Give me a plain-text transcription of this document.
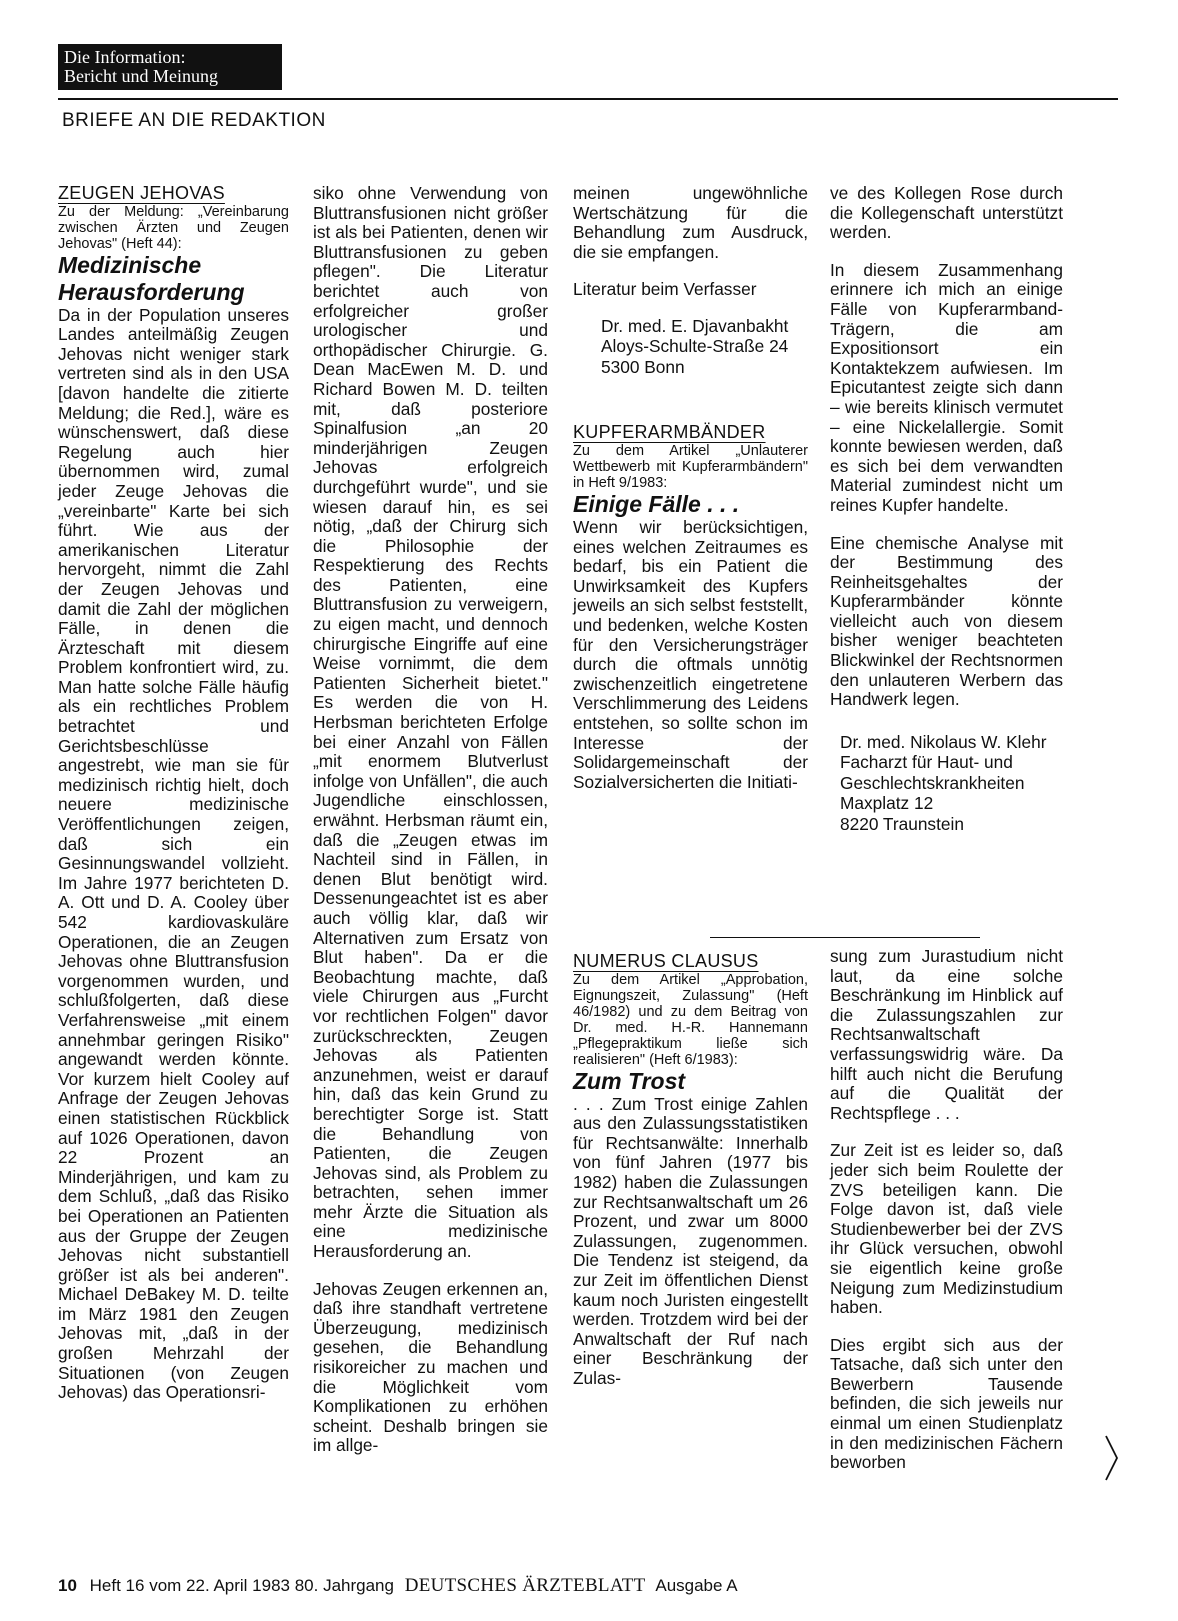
Die Information:
Bericht und Meinung
BRIEFE AN DIE REDAKTION

ZEUGEN JEHOVAS

Zu der Meldung: „Vereinbarung zwischen Ärzten und Zeugen Jehovas" (Heft 44):

Medizinische Herausforderung

Da in der Population unseres Landes anteilmäßig Zeugen Jehovas nicht weniger stark vertreten sind als in den USA [davon handelte die zitierte Meldung; die Red.], wäre es wünschenswert, daß diese Regelung auch hier übernommen wird, zumal jeder Zeuge Jehovas die „vereinbarte" Karte bei sich führt. Wie aus der amerikanischen Literatur hervorgeht, nimmt die Zahl der Zeugen Jehovas und damit die Zahl der möglichen Fälle, in denen die Ärzteschaft mit diesem Problem konfrontiert wird, zu. Man hatte solche Fälle häufig als ein rechtliches Problem betrachtet und Gerichtsbeschlüsse angestrebt, wie man sie für medizinisch richtig hielt, doch neuere medizinische Veröffentlichungen zeigen, daß sich ein Gesinnungswandel vollzieht. Im Jahre 1977 berichteten D. A. Ott und D. A. Cooley über 542 kardiovaskuläre Operationen, die an Zeugen Jehovas ohne Bluttransfusion vorgenommen wurden, und schlußfolgerten, daß diese Verfahrensweise „mit einem annehmbar geringen Risiko" angewandt werden könnte. Vor kurzem hielt Cooley auf Anfrage der Zeugen Jehovas einen statistischen Rückblick auf 1026 Operationen, davon 22 Prozent an Minderjährigen, und kam zu dem Schluß, „daß das Risiko bei Operationen an Patienten aus der Gruppe der Zeugen Jehovas nicht substantiell größer ist als bei anderen". Michael DeBakey M. D. teilte im März 1981 den Zeugen Jehovas mit, „daß in der großen Mehrzahl der Situationen (von Zeugen Jehovas) das Operationsri-

siko ohne Verwendung von Bluttransfusionen nicht größer ist als bei Patienten, denen wir Bluttransfusionen zu geben pflegen". Die Literatur berichtet auch von erfolgreicher großer urologischer und orthopädischer Chirurgie. G. Dean MacEwen M. D. und Richard Bowen M. D. teilten mit, daß posteriore Spinalfusion „an 20 minderjährigen Zeugen Jehovas erfolgreich durchgeführt wurde", und sie wiesen darauf hin, es sei nötig, „daß der Chirurg sich die Philosophie der Respektierung des Rechts des Patienten, eine Bluttransfusion zu verweigern, zu eigen macht, und dennoch chirurgische Eingriffe auf eine Weise vornimmt, die dem Patienten Sicherheit bietet." Es werden die von H. Herbsman berichteten Erfolge bei einer Anzahl von Fällen „mit enormem Blutverlust infolge von Unfällen", die auch Jugendliche einschlossen, erwähnt. Herbsman räumt ein, daß die „Zeugen etwas im Nachteil sind in Fällen, in denen Blut benötigt wird. Dessenungeachtet ist es aber auch völlig klar, daß wir Alternativen zum Ersatz von Blut haben". Da er die Beobachtung machte, daß viele Chirurgen aus „Furcht vor rechtlichen Folgen" davor zurückschreckten, Zeugen Jehovas als Patienten anzunehmen, weist er darauf hin, daß das kein Grund zu berechtigter Sorge ist. Statt die Behandlung von Patienten, die Zeugen Jehovas sind, als Problem zu betrachten, sehen immer mehr Ärzte die Situation als eine medizinische Herausforderung an.

Jehovas Zeugen erkennen an, daß ihre standhaft vertretene Überzeugung, medizinisch gesehen, die Behandlung risikoreicher zu machen und die Möglichkeit vom Komplikationen zu erhöhen scheint. Deshalb bringen sie im allge-

meinen ungewöhnliche Wertschätzung für die Behandlung zum Ausdruck, die sie empfangen.

Literatur beim Verfasser

Dr. med. E. Djavanbakht
Aloys-Schulte-Straße 24
5300 Bonn

KUPFERARMBÄNDER

Zu dem Artikel „Unlauterer Wettbewerb mit Kupferarmbändern" in Heft 9/1983:

Einige Fälle . . .

Wenn wir berücksichtigen, eines welchen Zeitraumes es bedarf, bis ein Patient die Unwirksamkeit des Kupfers jeweils an sich selbst feststellt, und bedenken, welche Kosten für den Versicherungsträger durch die oftmals unnötig zwischenzeitlich eingetretene Verschlimmerung des Leidens entstehen, so sollte schon im Interesse der Solidargemeinschaft der Sozialversicherten die Initiati-

ve des Kollegen Rose durch die Kollegenschaft unterstützt werden.

In diesem Zusammenhang erinnere ich mich an einige Fälle von Kupferarmband-Trägern, die am Expositionsort ein Kontaktekzem aufwiesen. Im Epicutantest zeigte sich dann – wie bereits klinisch vermutet – eine Nickelallergie. Somit konnte bewiesen werden, daß es sich bei dem verwandten Material zumindest nicht um reines Kupfer handelte.

Eine chemische Analyse mit der Bestimmung des Reinheitsgehaltes der Kupferarmbänder könnte vielleicht auch von diesem bisher weniger beachteten Blickwinkel der Rechtsnormen den unlauteren Werbern das Handwerk legen.

Dr. med. Nikolaus W. Klehr
Facharzt für Haut- und
Geschlechtskrankheiten
Maxplatz 12
8220 Traunstein

NUMERUS CLAUSUS

Zu dem Artikel „Approbation, Eignungszeit, Zulassung" (Heft 46/1982) und zu dem Beitrag von Dr. med. H.-R. Hannemann „Pflegepraktikum ließe sich realisieren" (Heft 6/1983):

Zum Trost

. . . Zum Trost einige Zahlen aus den Zulassungsstatistiken für Rechtsanwälte: Innerhalb von fünf Jahren (1977 bis 1982) haben die Zulassungen zur Rechtsanwaltschaft um 26 Prozent, und zwar um 8000 Zulassungen, zugenommen. Die Tendenz ist steigend, da zur Zeit im öffentlichen Dienst kaum noch Juristen eingestellt werden. Trotzdem wird bei der Anwaltschaft der Ruf nach einer Beschränkung der Zulas-

sung zum Jurastudium nicht laut, da eine solche Beschränkung im Hinblick auf die Zulassungszahlen zur Rechtsanwaltschaft verfassungswidrig wäre. Da hilft auch nicht die Berufung auf die Qualität der Rechtspflege . . .

Zur Zeit ist es leider so, daß jeder sich beim Roulette der ZVS beteiligen kann. Die Folge davon ist, daß viele Studienbewerber bei der ZVS ihr Glück versuchen, obwohl sie eigentlich keine große Neigung zum Medizinstudium haben.

Dies ergibt sich aus der Tatsache, daß sich unter den Bewerbern Tausende befinden, die sich jeweils nur einmal um einen Studienplatz in den medizinischen Fächern beworben

10 Heft 16 vom 22. April 1983 80. Jahrgang DEUTSCHES ÄRZTEBLATT Ausgabe A
